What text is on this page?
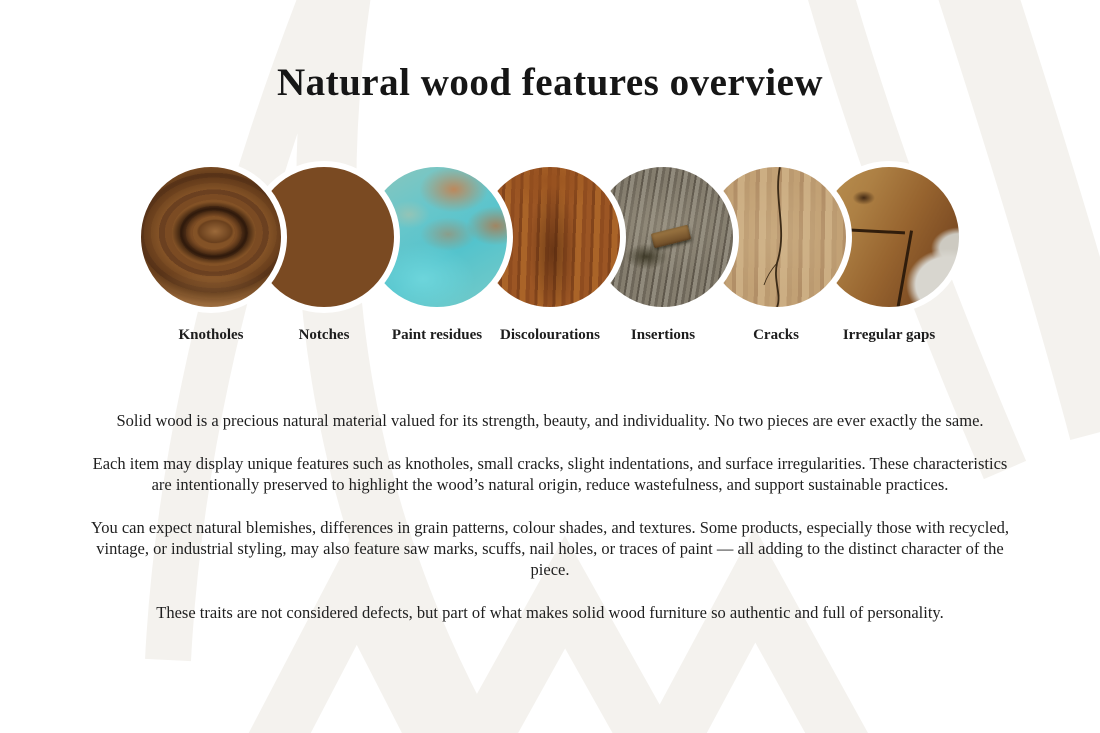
Natural wood features overview
Knotholes	Notches	Paint residues Discolourations Insertions	Cracks	Irregular gaps

Solid wood is a precious natural material valued for its strength, beauty, and individuality. No two pieces are ever exactly the same.

Each item may display unique features such as knotholes, small cracks, slight indentations, and surface irregularities. These characteristics are intentionally preserved to highlight the wood’s natural origin, reduce wastefulness, and support sustainable practices.

You can expect natural blemishes, differences in grain patterns, colour shades, and textures. Some products, especially those with recycled, vintage, or industrial styling, may also feature saw marks, scuffs, nail holes, or traces of paint — all adding to the distinct character of the piece.

These traits are not considered defects, but part of what makes solid wood furniture so authentic and full of personality.
